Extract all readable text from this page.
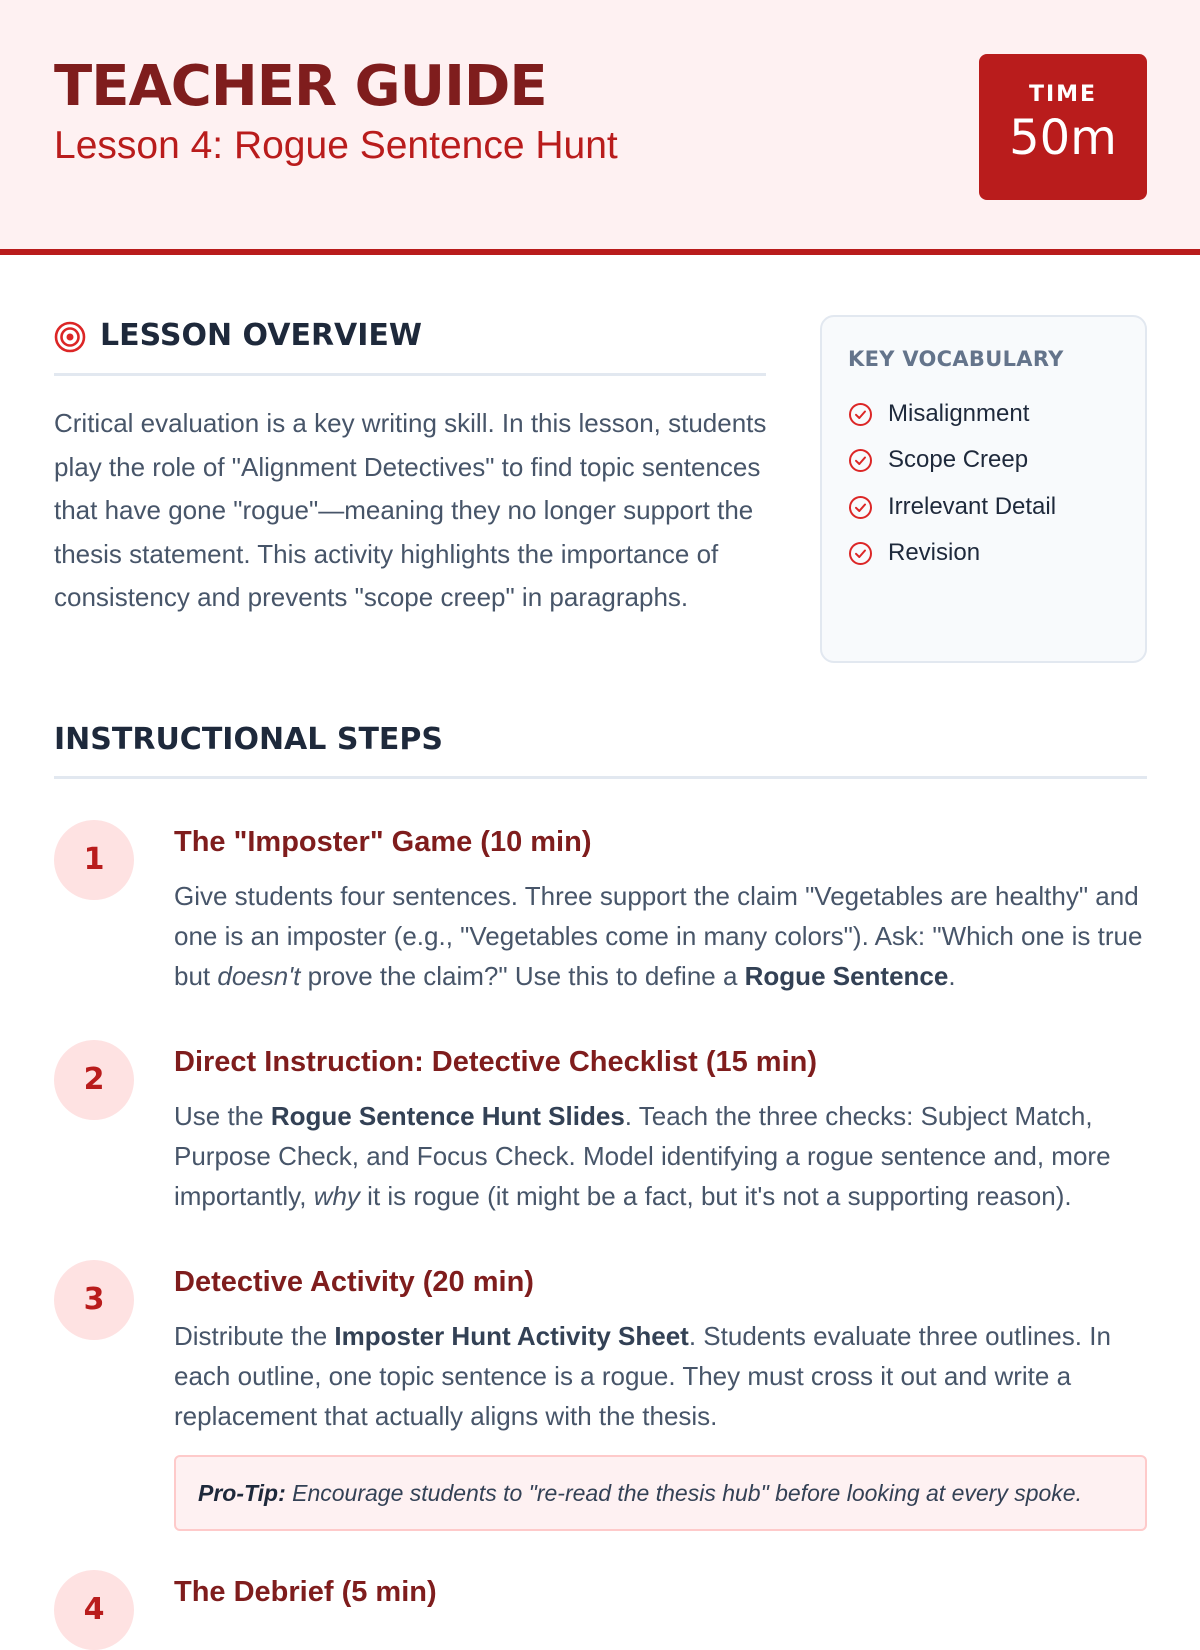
TEACHER GUIDE
Lesson 4: Rogue Sentence Hunt
TIME
50m
LESSON OVERVIEW
Critical evaluation is a key writing skill. In this lesson, students play the role of "Alignment Detectives" to find topic sentences that have gone "rogue"—meaning they no longer support the thesis statement. This activity highlights the importance of consistency and prevents "scope creep" in paragraphs.
KEY VOCABULARY
Misalignment
Scope Creep
Irrelevant Detail
Revision
INSTRUCTIONAL STEPS
1	The "Imposter" Game (10 min)
Give students four sentences. Three support the claim "Vegetables are healthy" and one is an imposter (e.g., "Vegetables come in many colors"). Ask: "Which one is true but doesn't prove the claim?" Use this to define a Rogue Sentence.
2	Direct Instruction: Detective Checklist (15 min)
Use the Rogue Sentence Hunt Slides. Teach the three checks: Subject Match, Purpose Check, and Focus Check. Model identifying a rogue sentence and, more importantly, why it is rogue (it might be a fact, but it's not a supporting reason).
3	Detective Activity (20 min)
Distribute the Imposter Hunt Activity Sheet. Students evaluate three outlines. In each outline, one topic sentence is a rogue. They must cross it out and write a replacement that actually aligns with the thesis.
Pro-Tip: Encourage students to "re-read the thesis hub" before looking at every spoke.
4	The Debrief (5 min)
